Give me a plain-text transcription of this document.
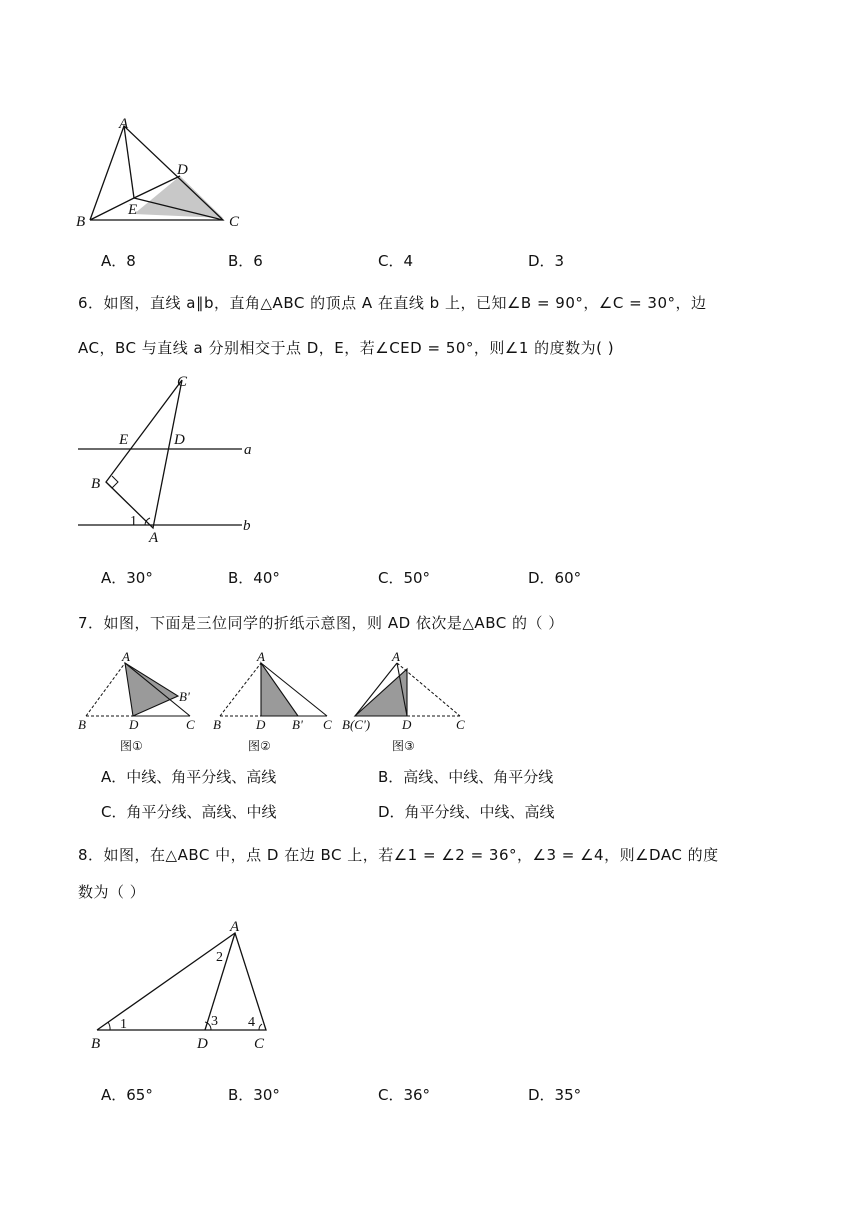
A
B	C
D
E
A．8	B．6	C．4	D．3
6．如图，直线 a∥b，直角△ABC 的顶点 A 在直线 b 上，已知∠B = 90°，∠C = 30°，边
AC，BC 与直线 a 分别相交于点 D，E，若∠CED = 50°，则∠1 的度数为( )
C
E	D
a
B
1
A
b
A．30°	B．40°	C．50°	D．60°
7．如图，下面是三位同学的折纸示意图，则 AD 依次是△ABC 的（ ）
A
B'
B	D	C
图①
A
B	D B' C
图②
A
B(C') D	C
图③
A．中线、角平分线、高线	B．高线、中线、角平分线
C．角平分线、高线、中线	D．角平分线、中线、高线
8．如图，在△ABC 中，点 D 在边 BC 上，若∠1 = ∠2 = 36°，∠3 = ∠4，则∠DAC 的度
数为（ ）
A
2
1	3 4
B	D	C
A．65°	B．30°	C．36°	D．35°
